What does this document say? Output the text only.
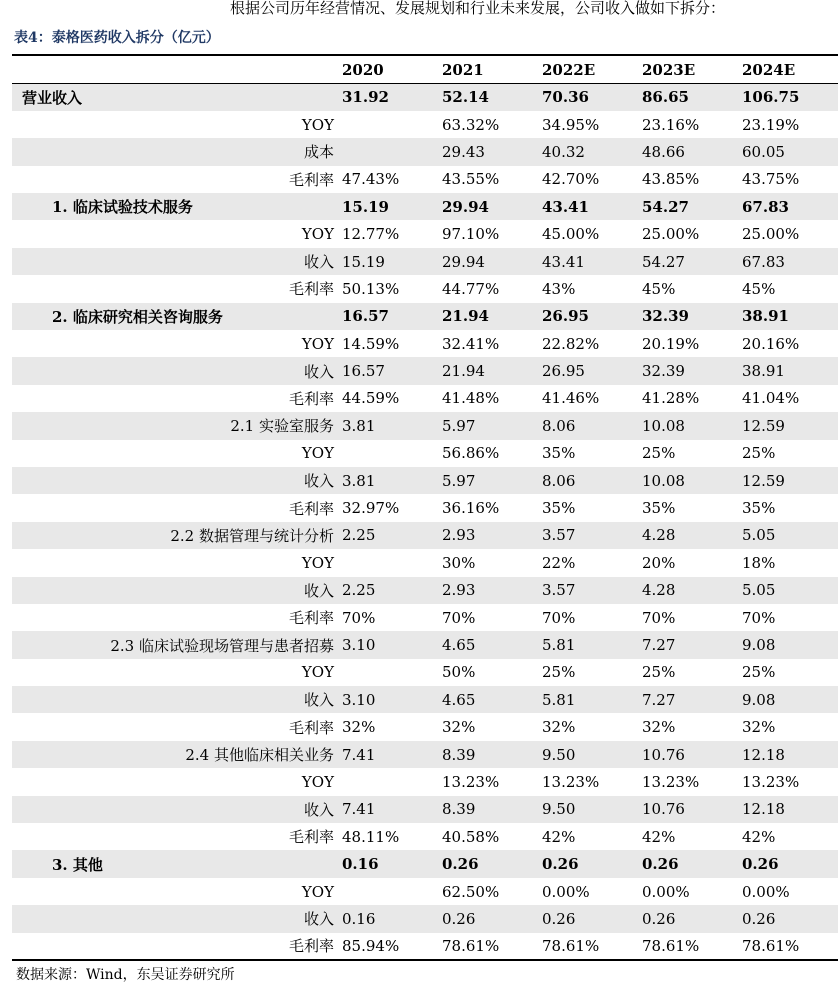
根据公司历年经营情况、发展规划和行业未来发展，公司收入做如下拆分：
表4：泰格医药收入拆分（亿元）
	2020	2021	2022E	2023E	2024E
营业收入	31.92	52.14	70.36	86.65	106.75
YOY		63.32%	34.95%	23.16%	23.19%
成本		29.43	40.32	48.66	60.05
毛利率	47.43%	43.55%	42.70%	43.85%	43.75%
1. 临床试验技术服务	15.19	29.94	43.41	54.27	67.83
YOY	12.77%	97.10%	45.00%	25.00%	25.00%
收入	15.19	29.94	43.41	54.27	67.83
毛利率	50.13%	44.77%	43%	45%	45%
2. 临床研究相关咨询服务	16.57	21.94	26.95	32.39	38.91
YOY	14.59%	32.41%	22.82%	20.19%	20.16%
收入	16.57	21.94	26.95	32.39	38.91
毛利率	44.59%	41.48%	41.46%	41.28%	41.04%
2.1 实验室服务	3.81	5.97	8.06	10.08	12.59
YOY		56.86%	35%	25%	25%
收入	3.81	5.97	8.06	10.08	12.59
毛利率	32.97%	36.16%	35%	35%	35%
2.2 数据管理与统计分析	2.25	2.93	3.57	4.28	5.05
YOY		30%	22%	20%	18%
收入	2.25	2.93	3.57	4.28	5.05
毛利率	70%	70%	70%	70%	70%
2.3 临床试验现场管理与患者招募	3.10	4.65	5.81	7.27	9.08
YOY		50%	25%	25%	25%
收入	3.10	4.65	5.81	7.27	9.08
毛利率	32%	32%	32%	32%	32%
2.4 其他临床相关业务	7.41	8.39	9.50	10.76	12.18
YOY		13.23%	13.23%	13.23%	13.23%
收入	7.41	8.39	9.50	10.76	12.18
毛利率	48.11%	40.58%	42%	42%	42%
3. 其他	0.16	0.26	0.26	0.26	0.26
YOY		62.50%	0.00%	0.00%	0.00%
收入	0.16	0.26	0.26	0.26	0.26
毛利率	85.94%	78.61%	78.61%	78.61%	78.61%
数据来源：Wind，东吴证券研究所
